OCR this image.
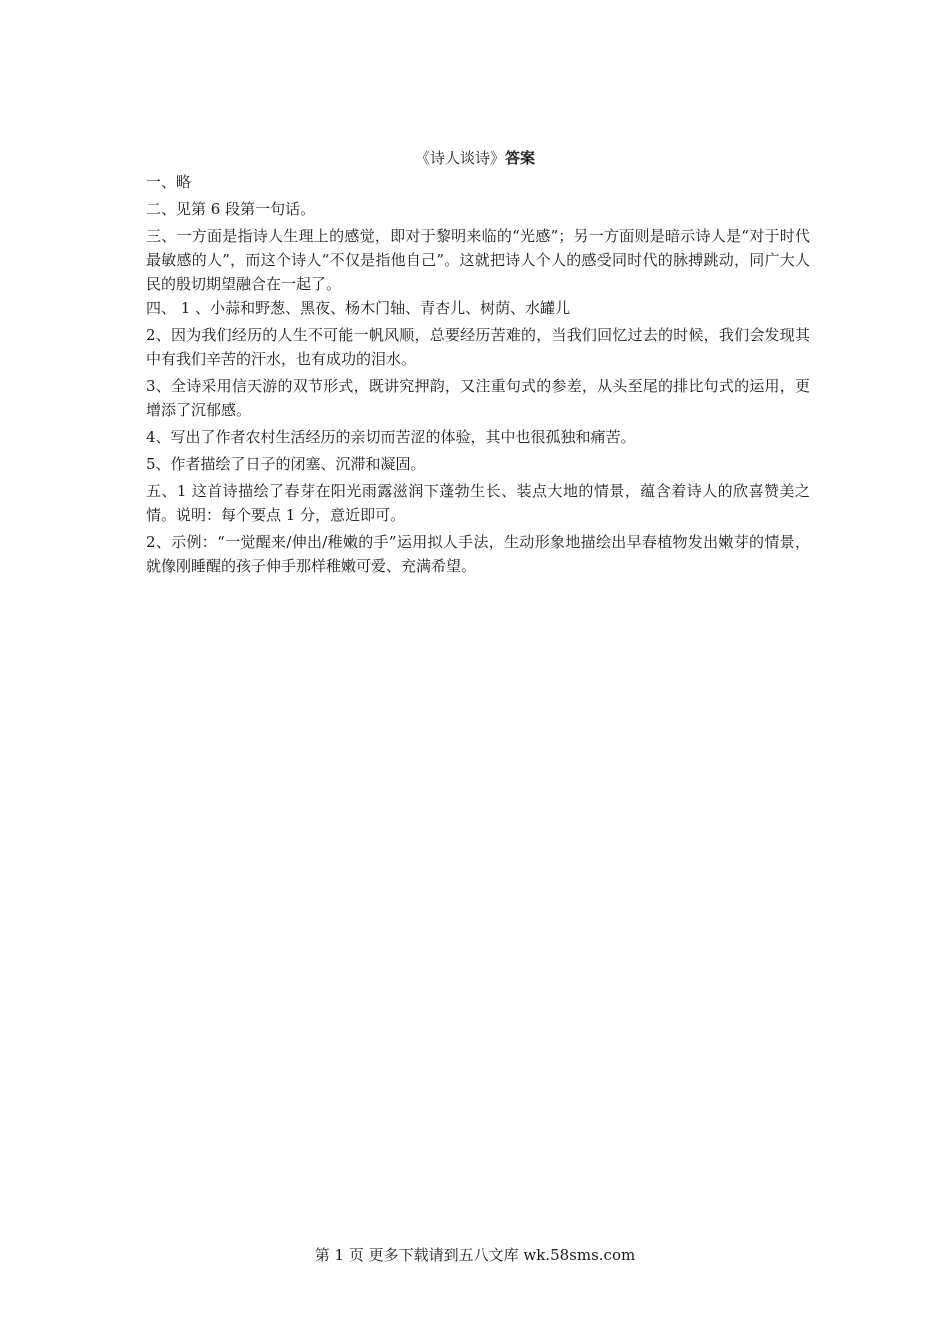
《诗人谈诗》答案

一、略

二、见第 6 段第一句话。

三、一方面是指诗人生理上的感觉，即对于黎明来临的“光感”；另一方面则是暗示诗人是“对于时代最敏感的人”，而这个诗人“不仅是指他自己”。这就把诗人个人的感受同时代的脉搏跳动，同广大人民的殷切期望融合在一起了。

四、 1 、小蒜和野葱、黑夜、杨木门轴、青杏儿、树荫、水罐儿

2、因为我们经历的人生不可能一帆风顺，总要经历苦难的，当我们回忆过去的时候，我们会发现其中有我们辛苦的汗水，也有成功的泪水。

3、全诗采用信天游的双节形式，既讲究押韵，又注重句式的参差，从头至尾的排比句式的运用，更增添了沉郁感。

4、写出了作者农村生活经历的亲切而苦涩的体验，其中也很孤独和痛苦。

5、作者描绘了日子的闭塞、沉滞和凝固。

五、1 这首诗描绘了春芽在阳光雨露滋润下蓬勃生长、装点大地的情景，蕴含着诗人的欣喜赞美之情。说明：每个要点 1 分，意近即可。

2、示例：“一觉醒来/伸出/稚嫩的手”运用拟人手法，生动形象地描绘出早春植物发出嫩芽的情景，就像刚睡醒的孩子伸手那样稚嫩可爱、充满希望。

第 1 页 更多下载请到五八文库 wk.58sms.com
